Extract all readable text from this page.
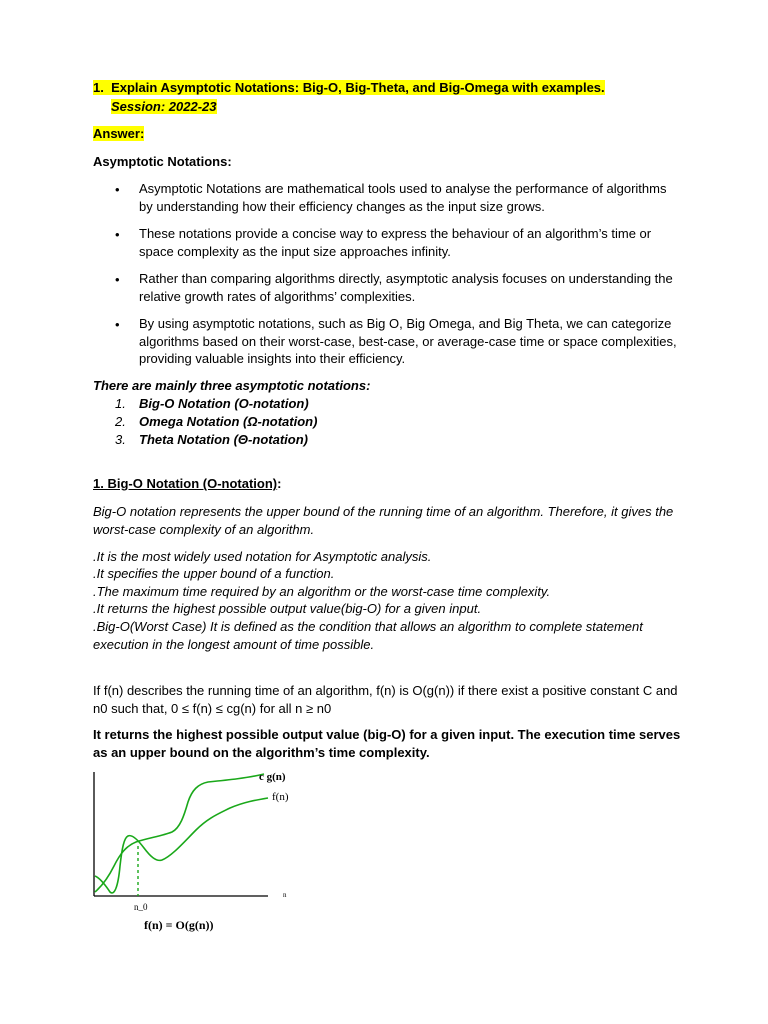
1. Explain Asymptotic Notations: Big-O, Big-Theta, and Big-Omega with examples.
Session: 2022-23
Answer:
Asymptotic Notations:
• Asymptotic Notations are mathematical tools used to analyse the performance of algorithms by understanding how their efficiency changes as the input size grows.
• These notations provide a concise way to express the behaviour of an algorithm’s time or space complexity as the input size approaches infinity.
• Rather than comparing algorithms directly, asymptotic analysis focuses on understanding the relative growth rates of algorithms’ complexities.
• By using asymptotic notations, such as Big O, Big Omega, and Big Theta, we can categorize algorithms based on their worst-case, best-case, or average-case time or space complexities, providing valuable insights into their efficiency.
There are mainly three asymptotic notations:
1. Big-O Notation (O-notation)
2. Omega Notation (Ω-notation)
3. Theta Notation (Θ-notation)
1. Big-O Notation (O-notation):
Big-O notation represents the upper bound of the running time of an algorithm. Therefore, it gives the worst-case complexity of an algorithm.
.It is the most widely used notation for Asymptotic analysis.
.It specifies the upper bound of a function.
.The maximum time required by an algorithm or the worst-case time complexity.
.It returns the highest possible output value(big-O) for a given input.
.Big-O(Worst Case) It is defined as the condition that allows an algorithm to complete statement execution in the longest amount of time possible.
If f(n) describes the running time of an algorithm, f(n) is O(g(n)) if there exist a positive constant C and n0 such that, 0 ≤ f(n) ≤ cg(n) for all n ≥ n0
It returns the highest possible output value (big-O) for a given input. The execution time serves as an upper bound on the algorithm’s time complexity.
c g(n)
f(n)
n
n_0
f(n) = O(g(n))
